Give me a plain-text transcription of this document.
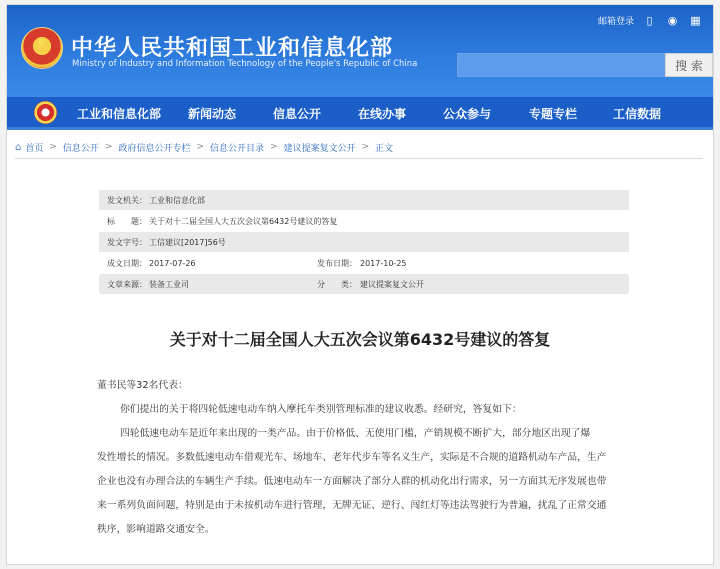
★ 中华人民共和国工业和信息化部
Ministry of Industry and Information Technology of the People's Republic of China
邮箱登录	▯	◉ ▦
搜 索
工业和信息化部 新闻动态	信息公开	在线办事	公众参与	专题专栏	工信数据
⌂ 首页 > 信息公开 > 政府信息公开专栏 > 信息公开目录 > 建议提案复文公开 > 正文
发文机关： 工业和信息化部
标　　题： 关于对十二届全国人大五次会议第6432号建议的答复
发文字号： 工信建议[2017]56号
成文日期： 2017-07-26	发布日期： 2017-10-25
文章来源： 装备工业司	分　　类： 建议提案复文公开
关于对十二届全国人大五次会议第6432号建议的答复

董书民等32名代表：

你们提出的关于将四轮低速电动车纳入摩托车类别管理标准的建议收悉。经研究，答复如下：

四轮低速电动车是近年来出现的一类产品。由于价格低、无使用门槛，产销规模不断扩大，部分地区出现了爆

发性增长的情况。多数低速电动车借观光车、场地车、老年代步车等名义生产，实际是不合规的道路机动车产品，生产

企业也没有办理合法的车辆生产手续。低速电动车一方面解决了部分人群的机动化出行需求，另一方面其无序发展也带

来一系列负面问题，特别是由于未按机动车进行管理，无牌无证、逆行、闯红灯等违法驾驶行为普遍，扰乱了正常交通

秩序，影响道路交通安全。
